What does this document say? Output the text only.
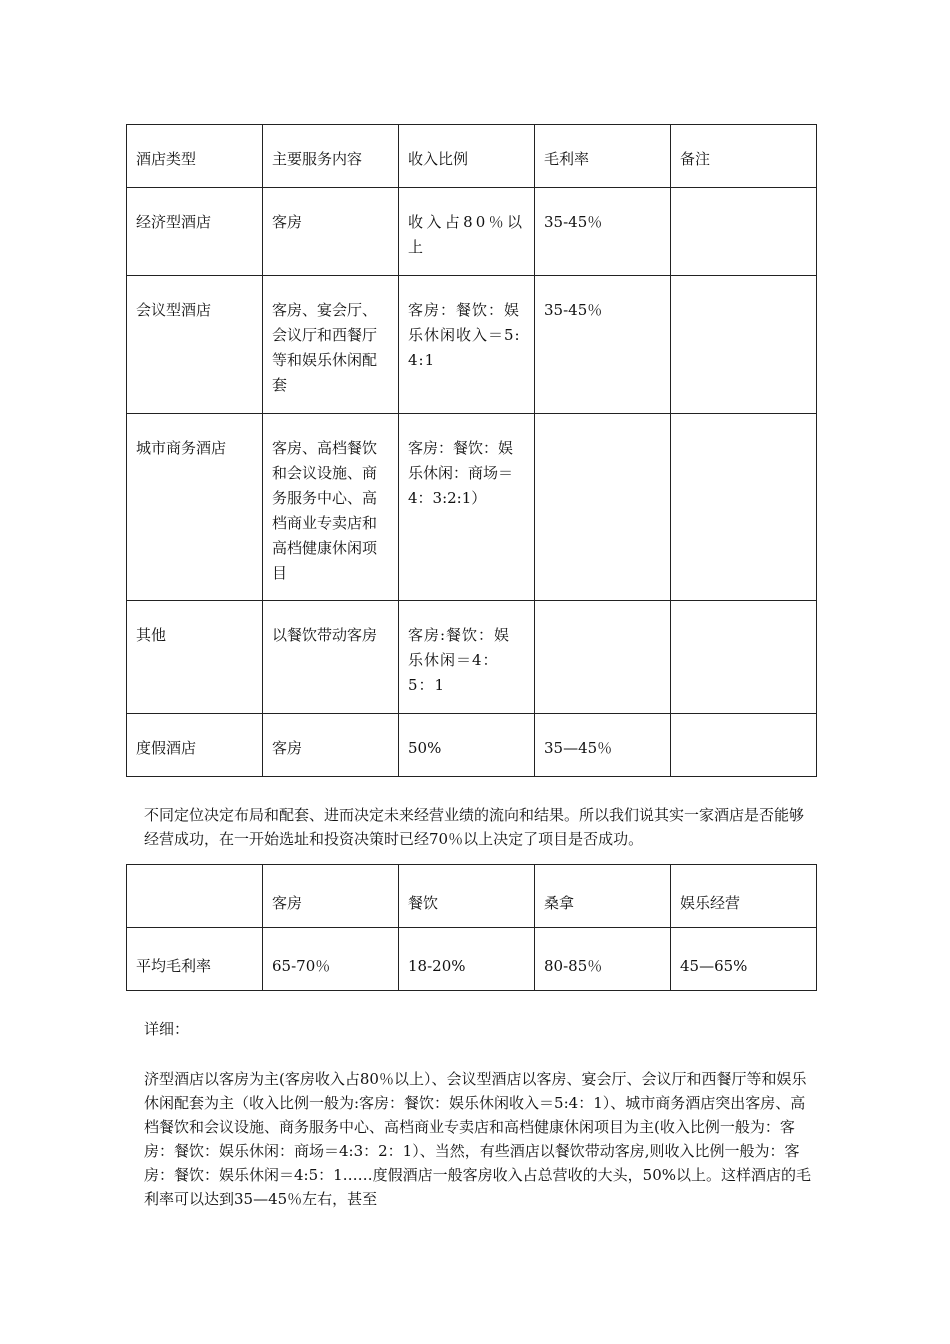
酒店类型	主要服务内容	收入比例	毛利率	备注
经济型酒店	客房	收入占80％以上	35-45％	
会议型酒店	客房、宴会厅、会议厅和西餐厅等和娱乐休闲配套	客房：餐饮：娱乐休闲收入＝5:4:1	35-45％	
城市商务酒店	客房、高档餐饮和会议设施、商务服务中心、高档商业专卖店和高档健康休闲项目	客房：餐饮：娱乐休闲：商场＝4：3:2:1）		
其他	以餐饮带动客房	客房:餐饮：娱乐休闲＝4：5：1		
度假酒店	客房	50%	35—45％	

不同定位决定布局和配套、进而决定未来经营业绩的流向和结果。所以我们说其实一家酒店是否能够经营成功，在一开始选址和投资决策时已经70％以上决定了项目是否成功。

	客房	餐饮	桑拿	娱乐经营
平均毛利率	65-70％	18-20%	80-85％	45—65%

详细：

济型酒店以客房为主(客房收入占80％以上）、会议型酒店以客房、宴会厅、会议厅和西餐厅等和娱乐休闲配套为主（收入比例一般为:客房：餐饮：娱乐休闲收入＝5:4：1）、城市商务酒店突出客房、高档餐饮和会议设施、商务服务中心、高档商业专卖店和高档健康休闲项目为主(收入比例一般为：客房：餐饮：娱乐休闲：商场＝4:3：2：1）、当然，有些酒店以餐饮带动客房,则收入比例一般为：客房：餐饮：娱乐休闲＝4:5：1……度假酒店一般客房收入占总营收的大头，50%以上。这样酒店的毛利率可以达到35—45％左右，甚至
